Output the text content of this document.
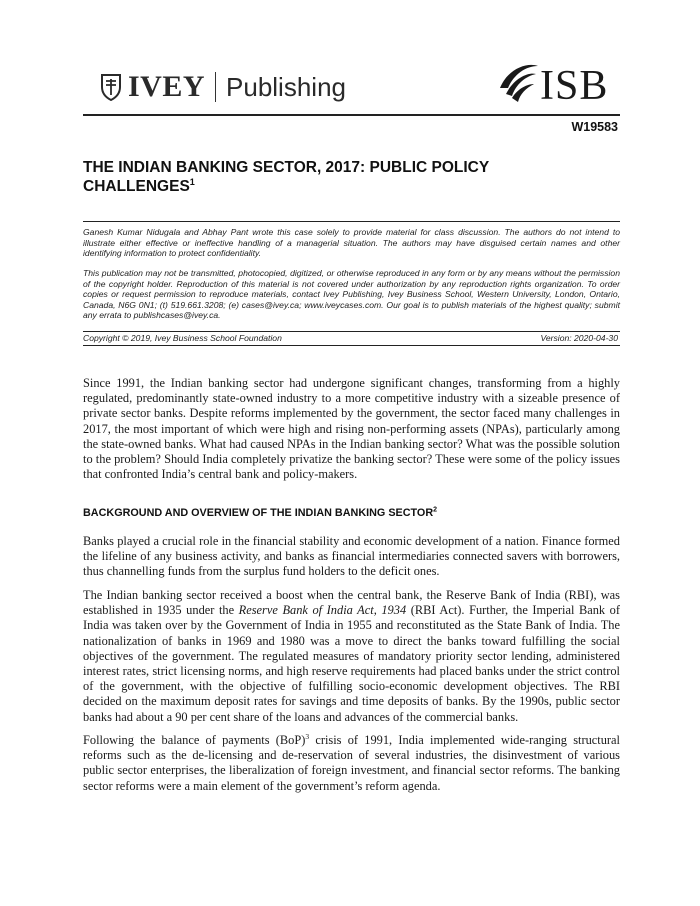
IVEY Publishing	ISB
W19583
THE INDIAN BANKING SECTOR, 2017: PUBLIC POLICY CHALLENGES$^1$

Ganesh Kumar Nidugala and Abhay Pant wrote this case solely to provide material for class discussion. The authors do not intend to illustrate either effective or ineffective handling of a managerial situation. The authors may have disguised certain names and other identifying information to protect confidentiality.

This publication may not be transmitted, photocopied, digitized, or otherwise reproduced in any form or by any means without the permission of the copyright holder. Reproduction of this material is not covered under authorization by any reproduction rights organization. To order copies or request permission to reproduce materials, contact Ivey Publishing, Ivey Business School, Western University, London, Ontario, Canada, N6G 0N1; (t) 519.661.3208; (e) cases@ivey.ca; www.iveycases.com. Our goal is to publish materials of the highest quality; submit any errata to publishcases@ivey.ca.

Copyright © 2019, Ivey Business School Foundation	Version: 2020-04-30

Since 1991, the Indian banking sector had undergone significant changes, transforming from a highly regulated, predominantly state-owned industry to a more competitive industry with a sizeable presence of private sector banks. Despite reforms implemented by the government, the sector faced many challenges in 2017, the most important of which were high and rising non-performing assets (NPAs), particularly among the state-owned banks. What had caused NPAs in the Indian banking sector? What was the possible solution to the problem? Should India completely privatize the banking sector? These were some of the policy issues that confronted India’s central bank and policy-makers.

BACKGROUND AND OVERVIEW OF THE INDIAN BANKING SECTOR$^2$

Banks played a crucial role in the financial stability and economic development of a nation. Finance formed the lifeline of any business activity, and banks as financial intermediaries connected savers with borrowers, thus channelling funds from the surplus fund holders to the deficit ones.

The Indian banking sector received a boost when the central bank, the Reserve Bank of India (RBI), was established in 1935 under the Reserve Bank of India Act, 1934 (RBI Act). Further, the Imperial Bank of India was taken over by the Government of India in 1955 and reconstituted as the State Bank of India. The nationalization of banks in 1969 and 1980 was a move to direct the banks toward fulfilling the social objectives of the government. The regulated measures of mandatory priority sector lending, administered interest rates, strict licensing norms, and high reserve requirements had placed banks under the strict control of the government, with the objective of fulfilling socio-economic development objectives. The RBI decided on the maximum deposit rates for savings and time deposits of banks. By the 1990s, public sector banks had about a 90 per cent share of the loans and advances of the commercial banks.

Following the balance of payments (BoP)$^3$ crisis of 1991, India implemented wide-ranging structural reforms such as the de-licensing and de-reservation of several industries, the disinvestment of various public sector enterprises, the liberalization of foreign investment, and financial sector reforms. The banking sector reforms were a main element of the government’s reform agenda.
